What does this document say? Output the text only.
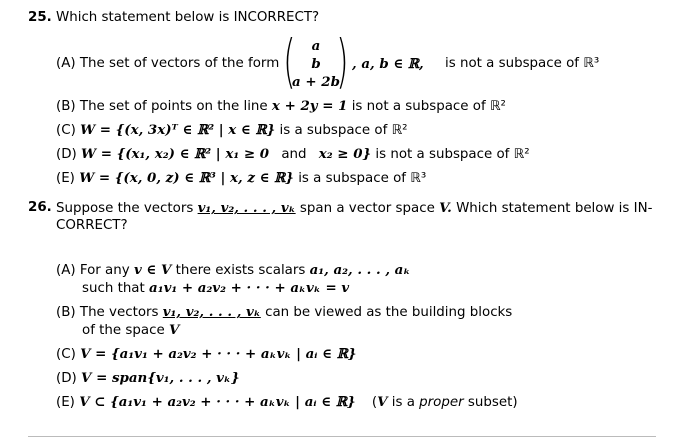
25. Which statement below is INCORRECT?
(A) The set of vectors of the form ( )
a
b
a + 2b
, a, b ∈ ℝ, is not a subspace of ℝ³
(B) The set of points on the line x + 2y = 1 is not a subspace of ℝ²
(C) W = {(x, 3x)ᵀ ∈ ℝ² | x ∈ ℝ} is a subspace of ℝ²
(D) W = {(x₁, x₂) ∈ ℝ² | x₁ ≥ 0 and x₂ ≥ 0} is not a subspace of ℝ²
(E) W = {(x, 0, z) ∈ ℝ³ | x, z ∈ ℝ} is a subspace of ℝ³
26. Suppose the vectors v₁, v₂, . . . , vₖ span a vector space V. Which statement below is IN-
CORRECT?
(A) For any v ∈ V there exists scalars a₁, a₂, . . . , aₖ
such that a₁v₁ + a₂v₂ + · · · + aₖvₖ = v
(B) The vectors v₁, v₂, . . . , vₖ can be viewed as the building blocks
of the space V
(C) V = {a₁v₁ + a₂v₂ + · · · + aₖvₖ | aᵢ ∈ ℝ}
(D) V = span{v₁, . . . , vₖ}
(E) V ⊂ {a₁v₁ + a₂v₂ + · · · + aₖvₖ | aᵢ ∈ ℝ} (V is a proper subset)
